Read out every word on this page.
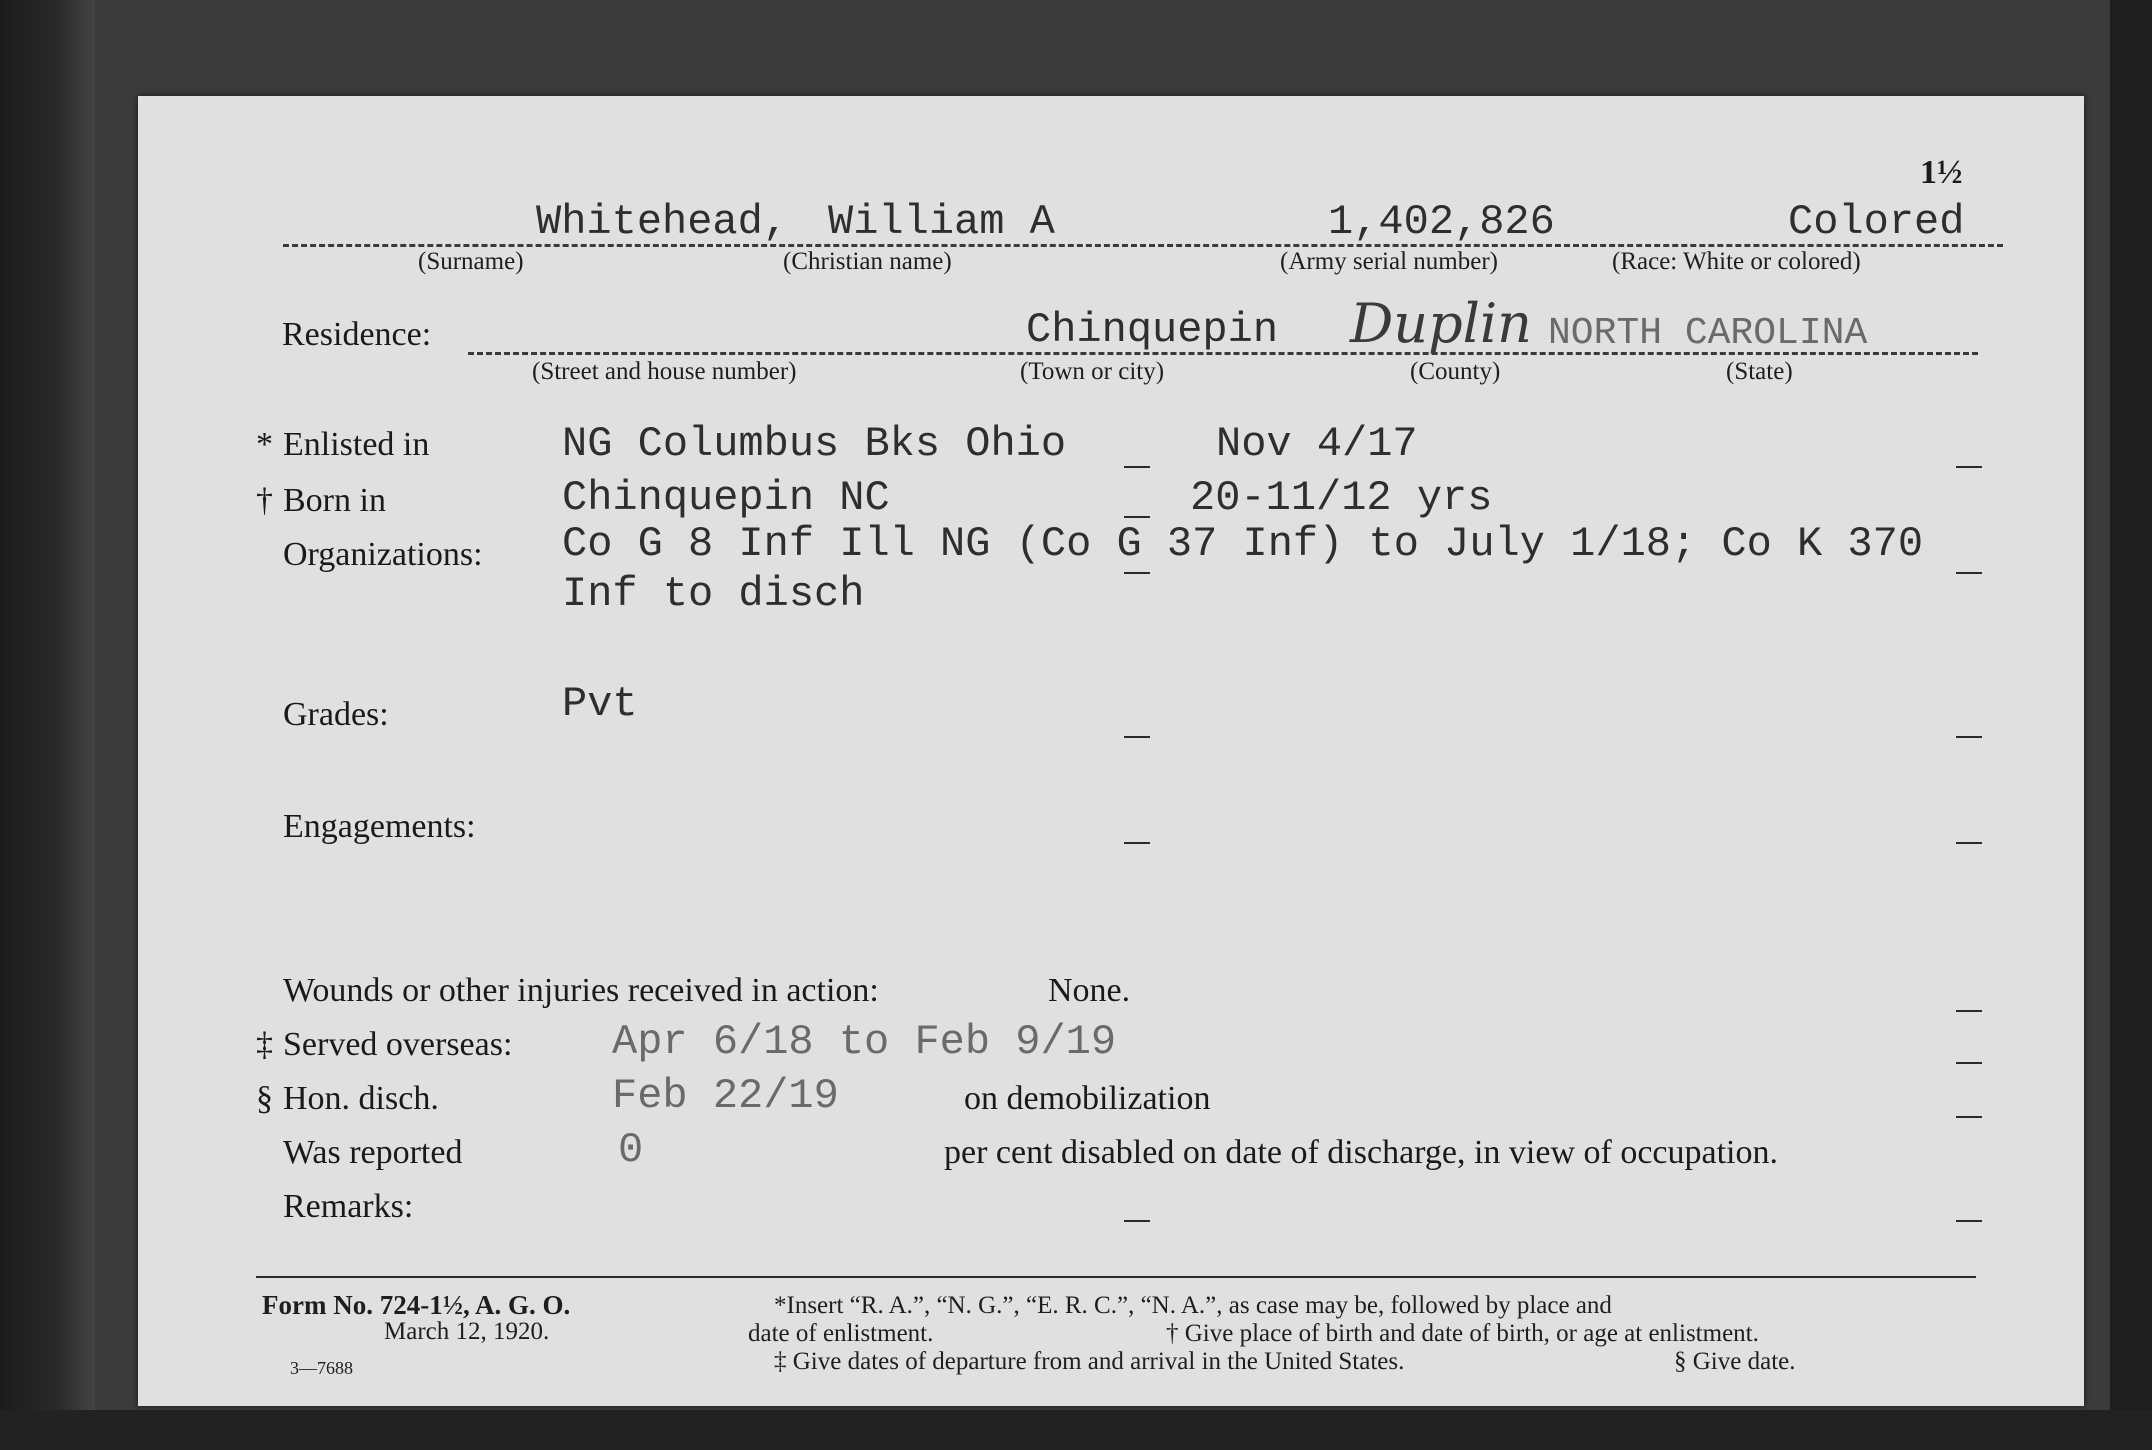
1½
Whitehead, William A	1,402,826	Colored
(Surname)	(Christian name)	(Army serial number)	(Race: White or colored)
Residence:	Chinquepin Duplin NORTH CAROLINA
(Street and house number)	(Town or city)	(County)	(State)
* Enlisted in	NG Columbus Bks Ohio	Nov 4/17
† Born in	Chinquepin NC	20-11/12 yrs
Organizations: Co G 8 Inf Ill NG (Co G 37 Inf) to July 1/18; Co K 370
Inf to disch
Grades:	Pvt
Engagements:
Wounds or other injuries received in action:	None.
‡ Served overseas: Apr 6/18 to Feb 9/19
§ Hon. disch.	Feb 22/19	on demobilization
Was reported	0	per cent disabled on date of discharge, in view of occupation.
Remarks:
Form No. 724-1½, A. G. O.
March 12, 1920.
3—7688
*Insert “R. A.”, “N. G.”, “E. R. C.”, “N. A.”, as case may be, followed by place and
date of enlistment.	† Give place of birth and date of birth, or age at enlistment.
‡ Give dates of departure from and arrival in the United States.	§ Give date.
